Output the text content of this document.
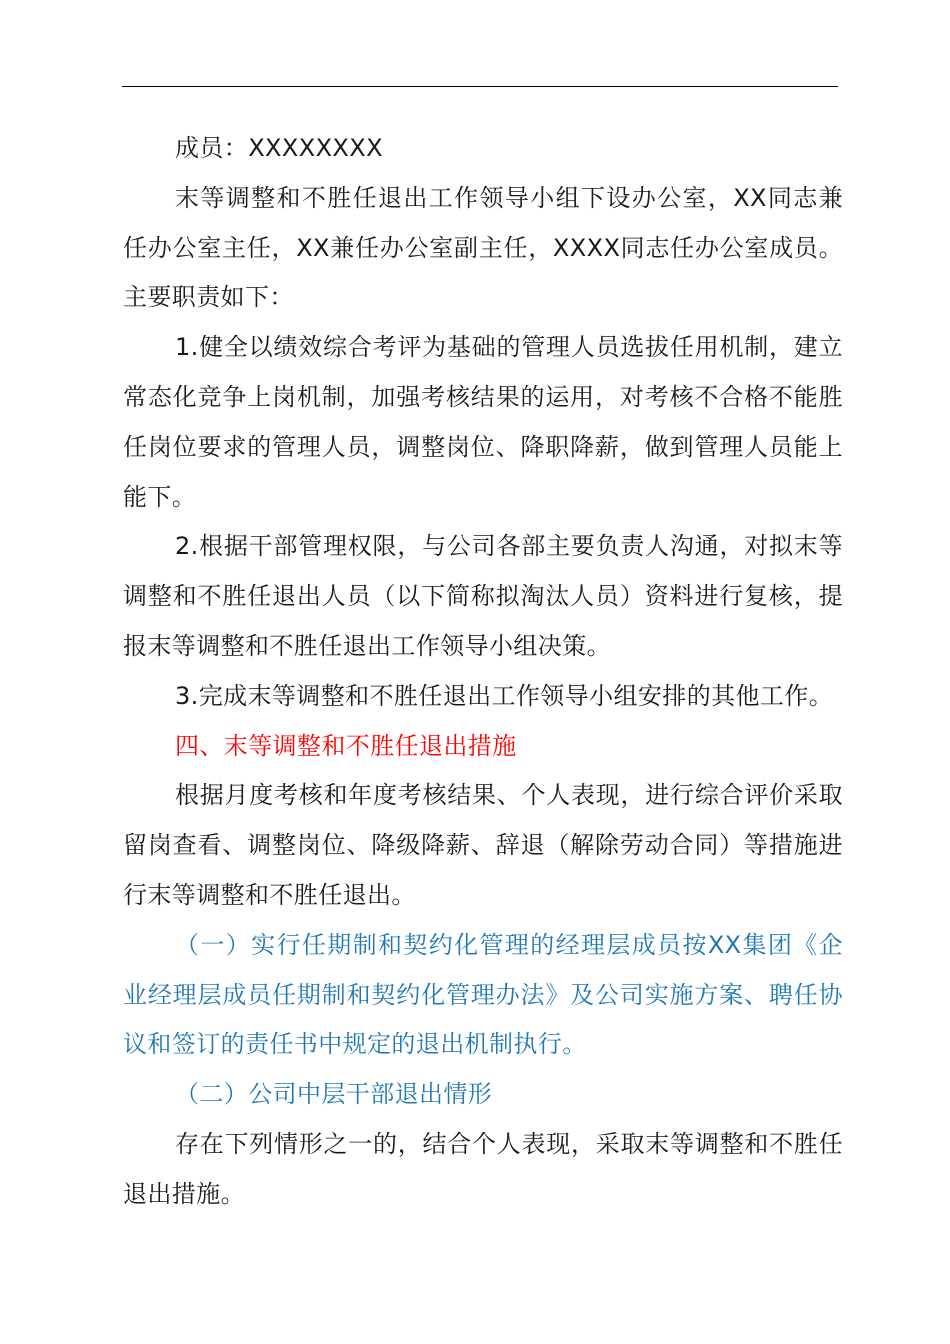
成员：XXXXXXXX

末等调整和不胜任退出工作领导小组下设办公室，XX同志兼任办公室主任，XX兼任办公室副主任，XXXX同志任办公室成员。主要职责如下：

1.健全以绩效综合考评为基础的管理人员选拔任用机制，建立常态化竞争上岗机制，加强考核结果的运用，对考核不合格不能胜任岗位要求的管理人员，调整岗位、降职降薪，做到管理人员能上能下。

2.根据干部管理权限，与公司各部主要负责人沟通，对拟末等调整和不胜任退出人员（以下简称拟淘汰人员）资料进行复核，提报末等调整和不胜任退出工作领导小组决策。

3.完成末等调整和不胜任退出工作领导小组安排的其他工作。

四、末等调整和不胜任退出措施

根据月度考核和年度考核结果、个人表现，进行综合评价采取留岗查看、调整岗位、降级降薪、辞退（解除劳动合同）等措施进行末等调整和不胜任退出。

（一）实行任期制和契约化管理的经理层成员按XX集团《企业经理层成员任期制和契约化管理办法》及公司实施方案、聘任协议和签订的责任书中规定的退出机制执行。

（二）公司中层干部退出情形

存在下列情形之一的，结合个人表现，采取末等调整和不胜任退出措施。
